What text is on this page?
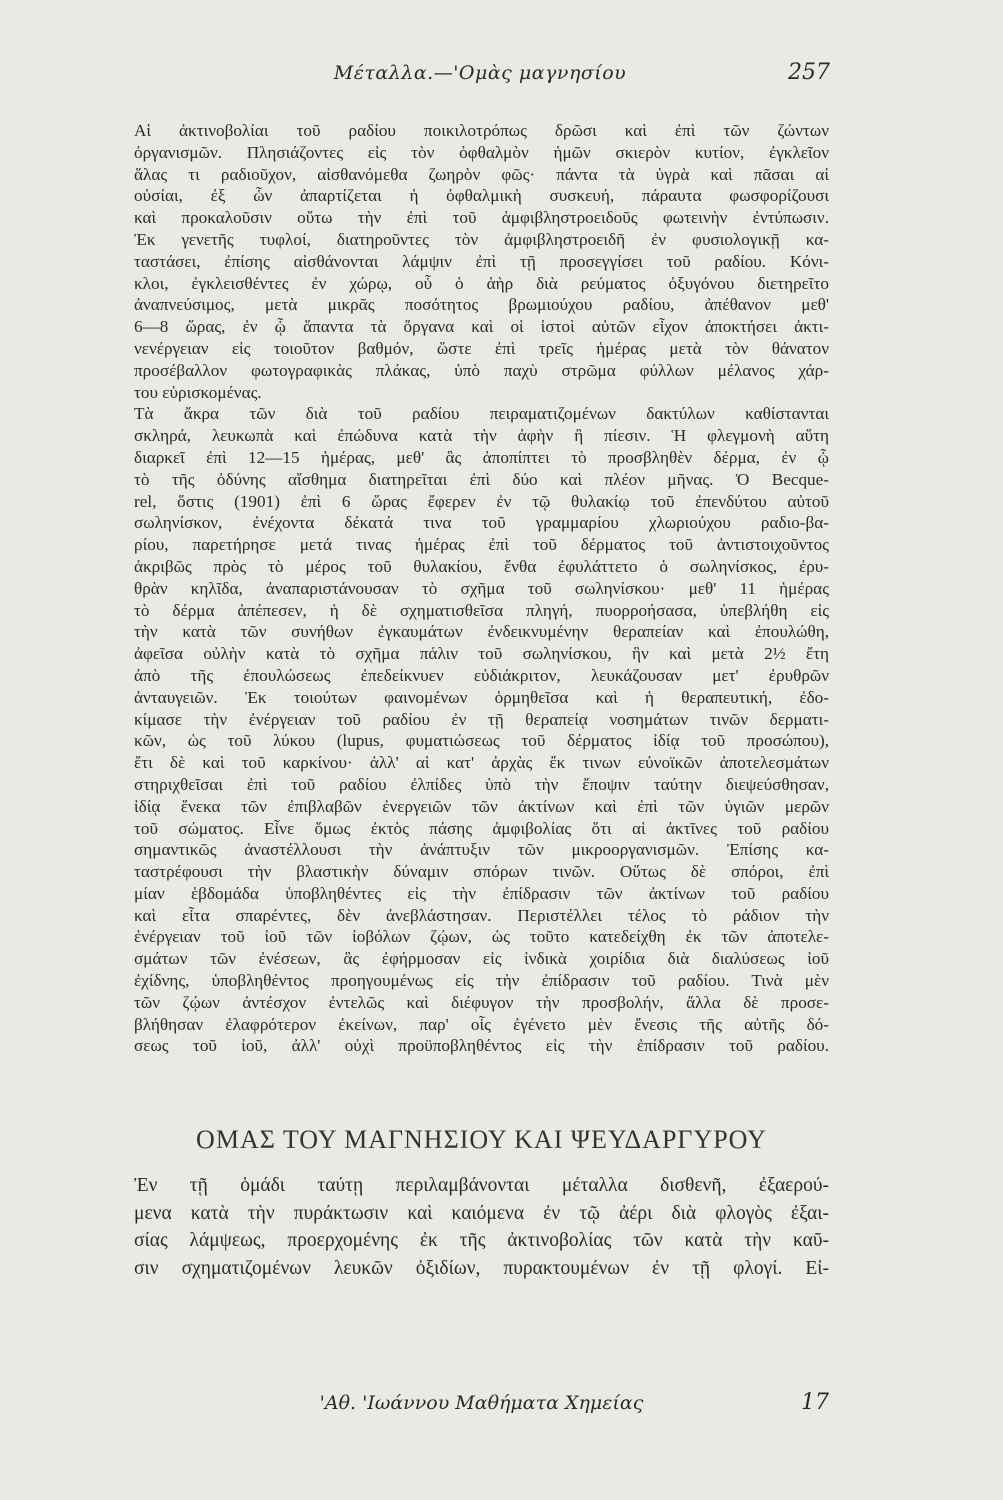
Μέταλλα.—'Ομὰς μαγνησίου	257
Αἱ ἀκτινοβολίαι τοῦ ραδίου ποικιλοτρόπως δρῶσι καὶ ἐπὶ τῶν ζώντων
ὀργανισμῶν. Πλησιάζοντες εἰς τὸν ὀφθαλμὸν ἡμῶν σκιερὸν κυτίον, ἐγκλεῖον
ἅλας τι ραδιοῦχον, αἰσθανόμεθα ζωηρὸν φῶς· πάντα τὰ ὑγρὰ καὶ πᾶσαι αἱ
οὐσίαι, ἐξ ὧν ἀπαρτίζεται ἡ ὀφθαλμικὴ συσκευή, πάραυτα φωσφορίζουσι
καὶ προκαλοῦσιν οὕτω τὴν ἐπὶ τοῦ ἀμφιβληστροειδοῦς φωτεινὴν ἐντύπωσιν.
Ἐκ γενετῆς τυφλοί, διατηροῦντες τὸν ἀμφιβληστροειδῆ ἐν φυσιολογικῇ κα-
ταστάσει, ἐπίσης αἰσθάνονται λάμψιν ἐπὶ τῇ προσεγγίσει τοῦ ραδίου. Κόνι-
κλοι, ἐγκλεισθέντες ἐν χώρῳ, οὗ ὁ ἀὴρ διὰ ρεύματος ὀξυγόνου διετηρεῖτο
ἀναπνεύσιμος, μετὰ μικρᾶς ποσότητος βρωμιούχου ραδίου, ἀπέθανον μεθ'
6—8 ὥρας, ἐν ᾧ ἅπαντα τὰ ὄργανα καὶ οἱ ἱστοὶ αὐτῶν εἶχον ἀποκτήσει ἀκτι-
νενέργειαν εἰς τοιοῦτον βαθμόν, ὥστε ἐπὶ τρεῖς ἡμέρας μετὰ τὸν θάνατον
προσέβαλλον φωτογραφικὰς πλάκας, ὑπὸ παχὺ στρῶμα φύλλων μέλανος χάρ-
του εὑρισκομένας.
Τὰ ἄκρα τῶν διὰ τοῦ ραδίου πειραματιζομένων δακτύλων καθίστανται
σκληρά, λευκωπὰ καὶ ἐπώδυνα κατὰ τὴν ἀφὴν ἢ πίεσιν. Ἡ φλεγμονὴ αὕτη
διαρκεῖ ἐπὶ 12—15 ἡμέρας, μεθ' ἃς ἀποπίπτει τὸ προσβληθὲν δέρμα, ἐν ᾧ
τὸ τῆς ὀδύνης αἴσθημα διατηρεῖται ἐπὶ δύο καὶ πλέον μῆνας. Ὁ Becque-
rel, ὅστις (1901) ἐπὶ 6 ὥρας ἔφερεν ἐν τῷ θυλακίῳ τοῦ ἐπενδύτου αὐτοῦ
σωληνίσκον, ἐνέχοντα δέκατά τινα τοῦ γραμμαρίου χλωριούχου ραδιο-βα-
ρίου, παρετήρησε μετά τινας ἡμέρας ἐπὶ τοῦ δέρματος τοῦ ἀντιστοιχοῦντος
ἀκριβῶς πρὸς τὸ μέρος τοῦ θυλακίου, ἔνθα ἐφυλάττετο ὁ σωληνίσκος, ἐρυ-
θρὰν κηλῖδα, ἀναπαριστάνουσαν τὸ σχῆμα τοῦ σωληνίσκου· μεθ' 11 ἡμέρας
τὸ δέρμα ἀπέπεσεν, ἡ δὲ σχηματισθεῖσα πληγή, πυορροήσασα, ὑπεβλήθη εἰς
τὴν κατὰ τῶν συνήθων ἐγκαυμάτων ἐνδεικνυμένην θεραπείαν καὶ ἐπουλώθη,
ἀφεῖσα οὐλὴν κατὰ τὸ σχῆμα πάλιν τοῦ σωληνίσκου, ἣν καὶ μετὰ 2½ ἔτη
ἀπὸ τῆς ἐπουλώσεως ἐπεδείκνυεν εὐδιάκριτον, λευκάζουσαν μετ' ἐρυθρῶν
ἀνταυγειῶν. Ἐκ τοιούτων φαινομένων ὁρμηθεῖσα καὶ ἡ θεραπευτική, ἐδο-
κίμασε τὴν ἐνέργειαν τοῦ ραδίου ἐν τῇ θεραπείᾳ νοσημάτων τινῶν δερματι-
κῶν, ὡς τοῦ λύκου (lupus, φυματιώσεως τοῦ δέρματος ἰδίᾳ τοῦ προσώπου),
ἔτι δὲ καὶ τοῦ καρκίνου· ἀλλ' αἱ κατ' ἀρχὰς ἔκ τινων εὐνοϊκῶν ἀποτελεσμάτων
στηριχθεῖσαι ἐπὶ τοῦ ραδίου ἐλπίδες ὑπὸ τὴν ἔποψιν ταύτην διεψεύσθησαν,
ἰδίᾳ ἕνεκα τῶν ἐπιβλαβῶν ἐνεργειῶν τῶν ἀκτίνων καὶ ἐπὶ τῶν ὑγιῶν μερῶν
τοῦ σώματος. Εἶνε ὅμως ἐκτὸς πάσης ἀμφιβολίας ὅτι αἱ ἀκτῖνες τοῦ ραδίου
σημαντικῶς ἀναστέλλουσι τὴν ἀνάπτυξιν τῶν μικροοργανισμῶν. Ἐπίσης κα-
ταστρέφουσι τὴν βλαστικὴν δύναμιν σπόρων τινῶν. Οὕτως δὲ σπόροι, ἐπὶ
μίαν ἑβδομάδα ὑποβληθέντες εἰς τὴν ἐπίδρασιν τῶν ἀκτίνων τοῦ ραδίου
καὶ εἶτα σπαρέντες, δὲν ἀνεβλάστησαν. Περιστέλλει τέλος τὸ ράδιον τὴν
ἐνέργειαν τοῦ ἰοῦ τῶν ἰοβόλων ζῴων, ὡς τοῦτο κατεδείχθη ἐκ τῶν ἀποτελε-
σμάτων τῶν ἐνέσεων, ἃς ἐφήρμοσαν εἰς ἰνδικὰ χοιρίδια διὰ διαλύσεως ἰοῦ
ἐχίδνης, ὑποβληθέντος προηγουμένως εἰς τὴν ἐπίδρασιν τοῦ ραδίου. Τινὰ μὲν
τῶν ζῴων ἀντέσχον ἐντελῶς καὶ διέφυγον τὴν προσβολήν, ἄλλα δὲ προσε-
βλήθησαν ἐλαφρότερον ἐκείνων, παρ' οἷς ἐγένετο μὲν ἔνεσις τῆς αὐτῆς δό-
σεως τοῦ ἰοῦ, ἀλλ' οὐχὶ προϋποβληθέντος εἰς τὴν ἐπίδρασιν τοῦ ραδίου.
ΟΜΑΣ ΤΟΥ ΜΑΓΝΗΣΙΟΥ ΚΑΙ ΨΕΥΔΑΡΓΥΡΟΥ
Ἐν τῇ ὁμάδι ταύτῃ περιλαμβάνονται μέταλλα δισθενῆ, ἐξαερού-
μενα κατὰ τὴν πυράκτωσιν καὶ καιόμενα ἐν τῷ ἀέρι διὰ φλογὸς ἐξαι-
σίας λάμψεως, προερχομένης ἐκ τῆς ἀκτινοβολίας τῶν κατὰ τὴν καῦ-
σιν σχηματιζομένων λευκῶν ὀξιδίων, πυρακτουμένων ἐν τῇ φλογί. Εἰ-
'Αθ. 'Ιωάννου Μαθήματα Χημείας	17
